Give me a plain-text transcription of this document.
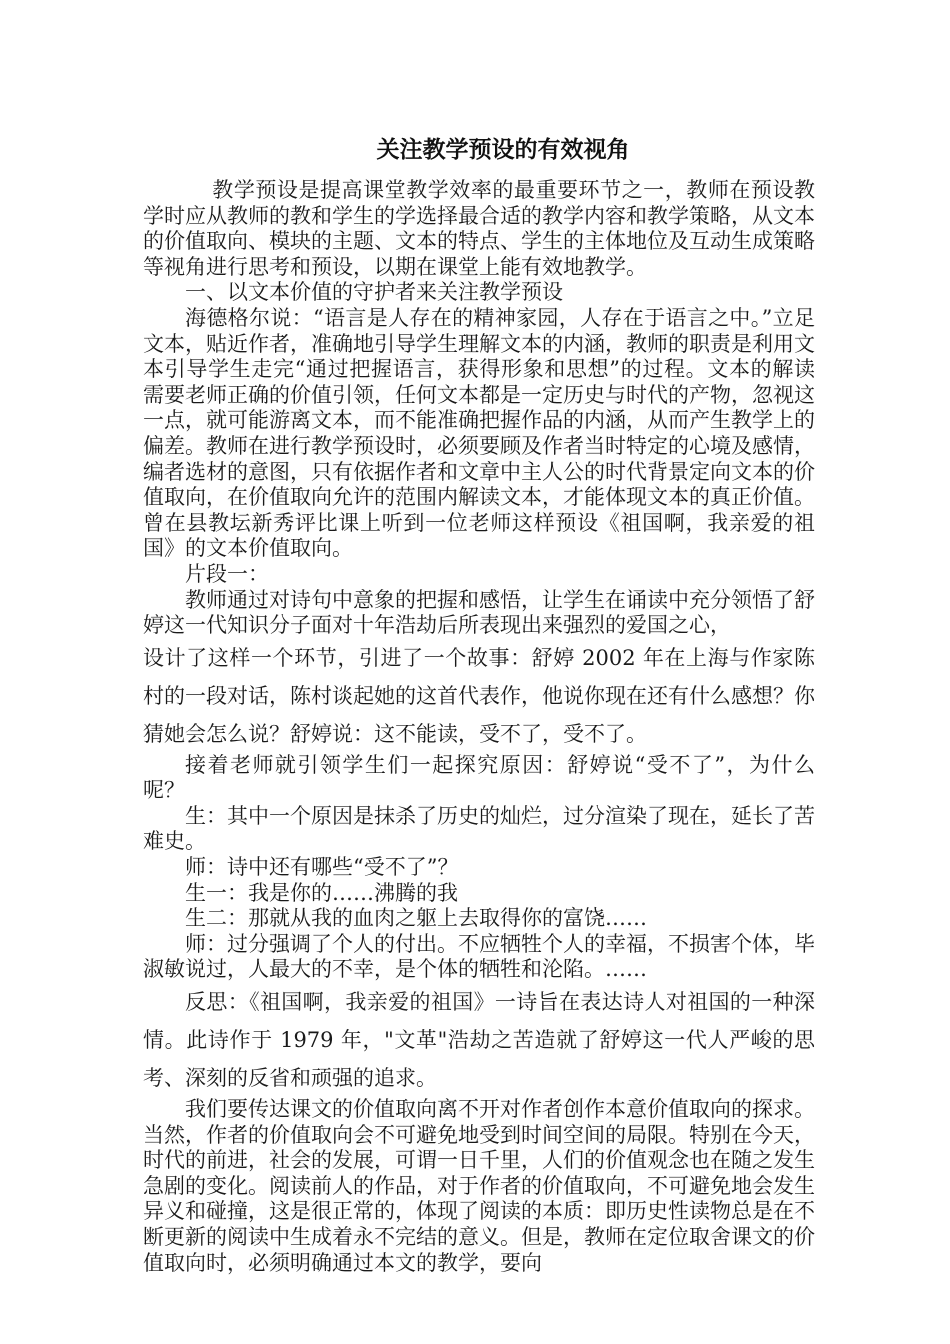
关注教学预设的有效视角

教学预设是提高课堂教学效率的最重要环节之一，教师在预设教学时应从教师的教和学生的学选择最合适的教学内容和教学策略，从文本的价值取向、模块的主题、文本的特点、学生的主体地位及互动生成策略等视角进行思考和预设，以期在课堂上能有效地教学。

一、以文本价值的守护者来关注教学预设

海德格尔说：“语言是人存在的精神家园，人存在于语言之中。”立足文本，贴近作者，准确地引导学生理解文本的内涵，教师的职责是利用文本引导学生走完“通过把握语言，获得形象和思想”的过程。文本的解读需要老师正确的价值引领，任何文本都是一定历史与时代的产物，忽视这一点，就可能游离文本，而不能准确把握作品的内涵，从而产生教学上的偏差。教师在进行教学预设时，必须要顾及作者当时特定的心境及感情，编者选材的意图，只有依据作者和文章中主人公的时代背景定向文本的价值取向，在价值取向允许的范围内解读文本，才能体现文本的真正价值。曾在县教坛新秀评比课上听到一位老师这样预设《祖国啊，我亲爱的祖国》的文本价值取向。

片段一：

教师通过对诗句中意象的把握和感悟，让学生在诵读中充分领悟了舒婷这一代知识分子面对十年浩劫后所表现出来强烈的爱国之心，

设计了这样一个环节，引进了一个故事：舒婷 2002 年在上海与作家陈村的一段对话，陈村谈起她的这首代表作，他说你现在还有什么感想？你猜她会怎么说？舒婷说：这不能读，受不了，受不了。

接着老师就引领学生们一起探究原因：舒婷说“受不了”，为什么呢？

生：其中一个原因是抹杀了历史的灿烂，过分渲染了现在，延长了苦难史。

师：诗中还有哪些“受不了”？

生一：我是你的……沸腾的我

生二：那就从我的血肉之躯上去取得你的富饶……

师：过分强调了个人的付出。不应牺牲个人的幸福，不损害个体，毕淑敏说过，人最大的不幸，是个体的牺牲和沦陷。……

反思：《祖国啊，我亲爱的祖国》一诗旨在表达诗人对祖国的一种深情。此诗作于 1979 年，"文革"浩劫之苦造就了舒婷这一代人严峻的思考、深刻的反省和顽强的追求。

我们要传达课文的价值取向离不开对作者创作本意价值取向的探求。当然，作者的价值取向会不可避免地受到时间空间的局限。特别在今天，时代的前进，社会的发展，可谓一日千里，人们的价值观念也在随之发生急剧的变化。阅读前人的作品，对于作者的价值取向，不可避免地会发生异义和碰撞，这是很正常的，体现了阅读的本质：即历史性读物总是在不断更新的阅读中生成着永不完结的意义。但是，教师在定位取舍课文的价值取向时，必须明确通过本文的教学，要向
